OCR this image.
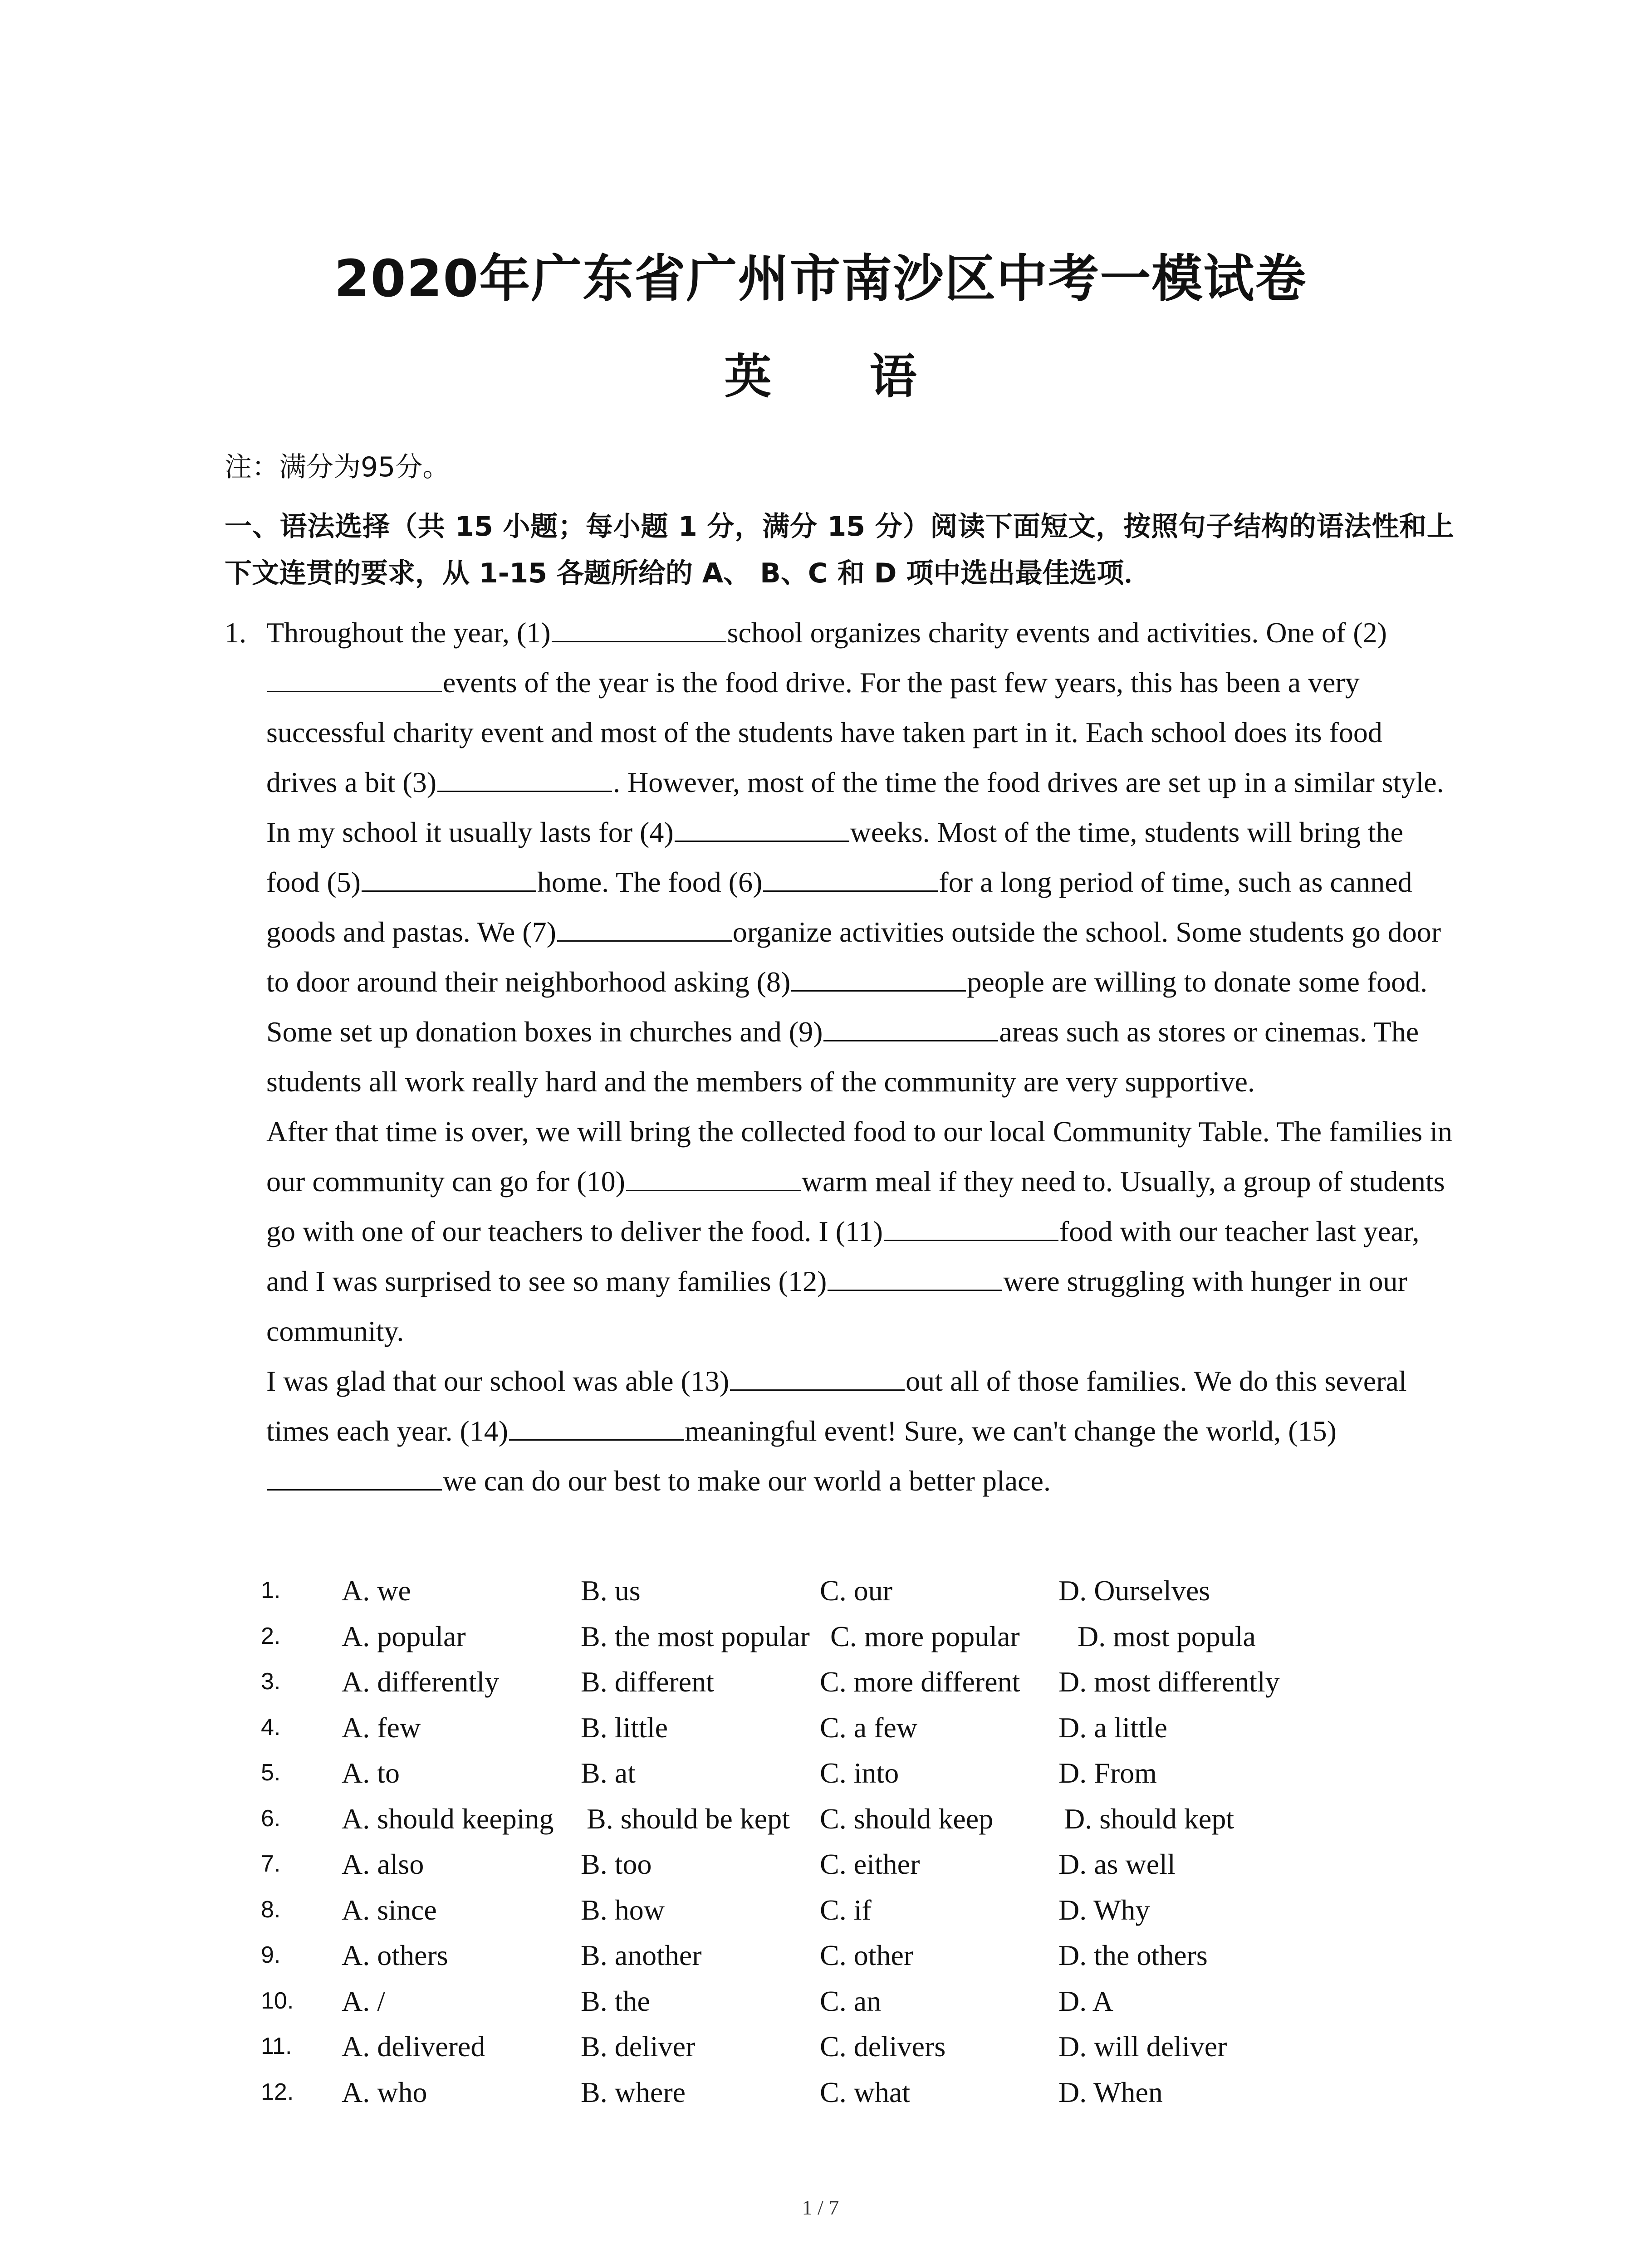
2020年广东省广州市南沙区中考一模试卷
英 语
注：满分为95分。
一、语法选择（共 15 小题；每小题 1 分，满分 15 分）阅读下面短文，按照句子结构的语法性和上下文连贯的要求，从 1-15 各题所给的 A、 B、C 和 D 项中选出最佳选项．

1. Throughout the year, (1)	school organizes charity events and activities. One of (2)events of the year is the food drive. For the past few years, this has been a very successful charity event and most of the students have taken part in it. Each school does its food drives a bit (3)	. However, most of the time the food drives are set up in a similar style.

In my school it usually lasts for (4)	weeks. Most of the time, students will bring the food (5)	home. The food (6)	for a long period of time, such as canned goods and pastas. We (7)	organize activities outside the school. Some students go door to door around their neighborhood asking (8)	people are willing to donate some food. Some set up donation boxes in churches and (9)	areas such as stores or cinemas. The students all work really hard and the members of the community are very supportive.

After that time is over, we will bring the collected food to our local Community Table. The families in our community can go for (10)	warm meal if they need to. Usually, a group of students go with one of our teachers to deliver the food. I (11)	food with our teacher last year, and I was surprised to see so many families (12)	were struggling with hunger in our community.

I was glad that our school was able (13)	out all of those families. We do this several times each year. (14)	meaningful event! Sure, we can't change the world, (15)we can do our best to make our world a better place.

1. A. we	B. us	C. our	D. Ourselves
2. A. popular	B. the most popular C. more popular D. most popula
3. A. differently	B. different	C. more different D. most differently
4. A. few	B. little	C. a few	D. a little
5. A. to	B. at	C. into	D. From
6. A. should keeping B. should be kept C. should keep D. should kept
7. A. also	B. too	C. either	D. as well
8. A. since	B. how	C. if	D. Why
9. A. others	B. another	C. other	D. the others
10. A. /	B. the	C. an	D. A
11. A. delivered	B. deliver	C. delivers	D. will deliver
12. A. who	B. where	C. what	D. When
1 / 7
